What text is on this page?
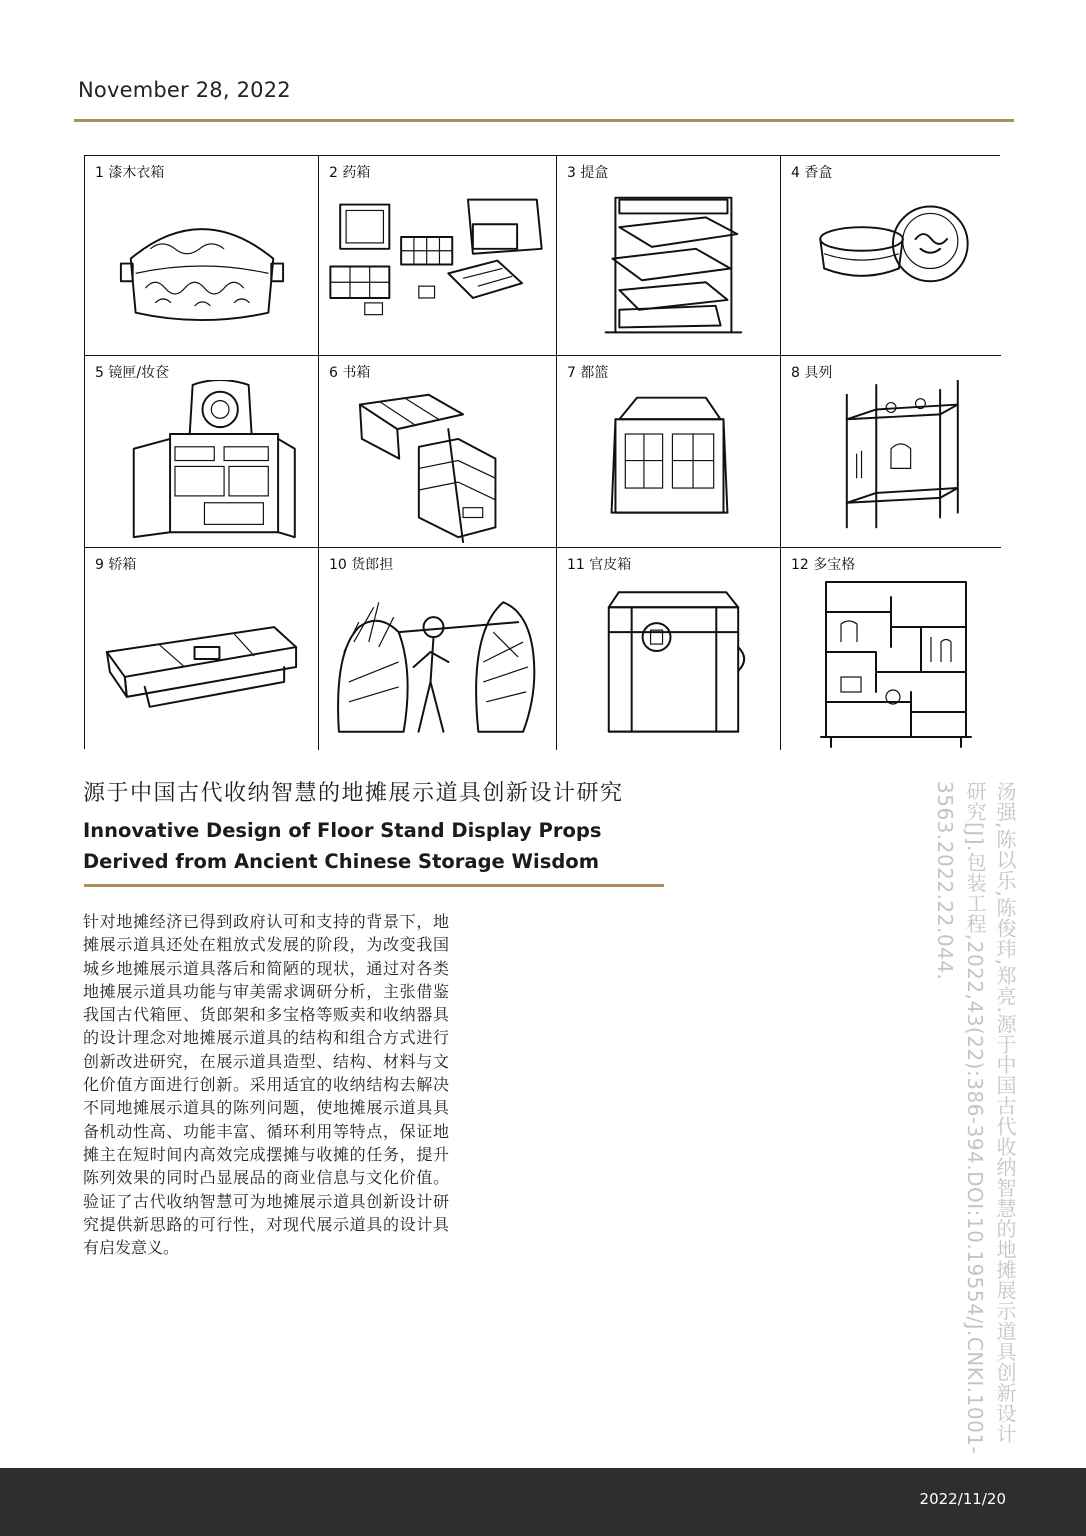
November 28, 2022
1 漆木衣箱	2 药箱	3 提盒	4 香盒
5 镜匣/妆奁	6 书箱	7 都篮	8 具列
9 轿箱	10 货郎担	11 官皮箱	12 多宝格
源于中国古代收纳智慧的地摊展示道具创新设计研究
Innovative Design of Floor Stand Display Props Derived from Ancient Chinese Storage Wisdom
针对地摊经济已得到政府认可和支持的背景下，地摊展示道具还处在粗放式发展的阶段，为改变我国城乡地摊展示道具落后和简陋的现状，通过对各类地摊展示道具功能与审美需求调研分析，主张借鉴我国古代箱匣、货郎架和多宝格等贩卖和收纳器具的设计理念对地摊展示道具的结构和组合方式进行创新改进研究，在展示道具造型、结构、材料与文化价值方面进行创新。采用适宜的收纳结构去解决不同地摊展示道具的陈列问题，使地摊展示道具具备机动性高、功能丰富、循环利用等特点，保证地摊主在短时间内高效完成摆摊与收摊的任务，提升陈列效果的同时凸显展品的商业信息与文化价值。验证了古代收纳智慧可为地摊展示道具创新设计研究提供新思路的可行性，对现代展示道具的设计具有启发意义。	汤强,陈以乐,陈俊玮,郑亮.源于中国古代收纳智慧的地摊展示道具创新设计研究[J].包装工程,2022,43(22):386-394.DOI:10.19554/J.CNKI.1001-3563.2022.22.044.
2022/11/20
